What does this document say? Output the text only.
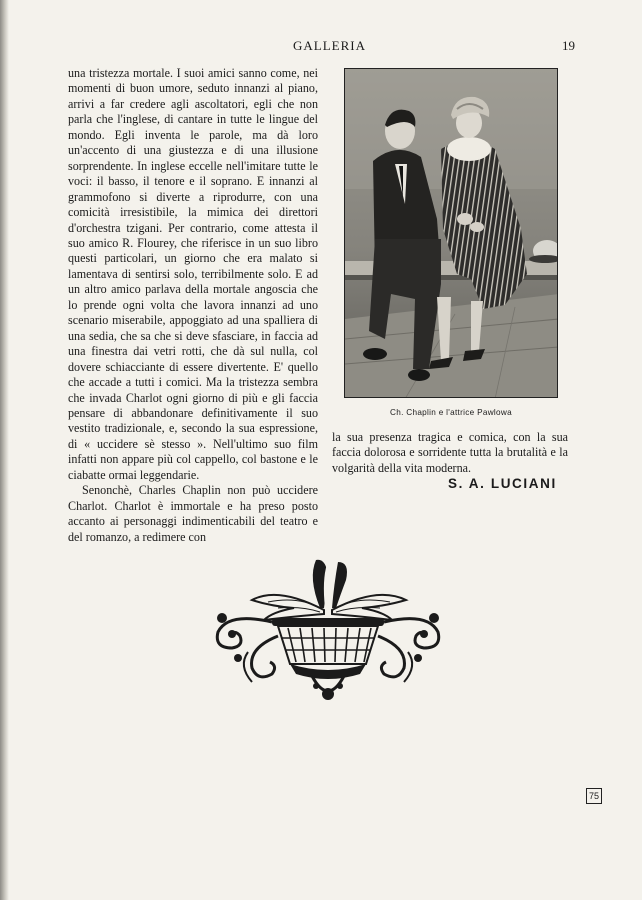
GALLERIA	19

una tristezza mortale. I suoi amici sanno come, nei momenti di buon umore, seduto innanzi al piano, arrivi a far credere agli ascoltatori, egli che non parla che l'inglese, di cantare in tutte le lingue del mondo. Egli inventa le parole, ma dà loro un'accento di una giustezza e di una illusione sorprendente. In inglese eccelle nell'imitare tutte le voci: il basso, il tenore e il soprano. E innanzi al grammofono si diverte a riprodurre, con una comicità irresistibile, la mimica dei direttori d'orchestra tzigani. Per contrario, come attesta il suo amico R. Flourey, che riferisce in un suo libro questi particolari, un giorno che era malato si lamentava di sentirsi solo, terribilmente solo. E ad un altro amico parlava della mortale angoscia che lo prende ogni volta che lavora innanzi ad uno scenario miserabile, appoggiato ad una spalliera di una sedia, che sa che si deve sfasciare, in faccia ad una finestra dai vetri rotti, che dà sul nulla, col dovere schiacciante di essere divertente. E' quello che accade a tutti i comici. Ma la tristezza sembra che invada Charlot ogni giorno di più e gli faccia pensare di abbandonare definitivamente il suo vestito tradizionale, e, secondo la sua espressione, di « uccidere sè stesso ». Nell'ultimo suo film infatti non appare più col cappello, col bastone e le ciabatte ormai leggendarie.

Senonchè, Charles Chaplin non può uccidere Charlot. Charlot è immortale e ha preso posto accanto ai personaggi indimenticabili del teatro e del romanzo, a redimere con

Ch. Chaplin e l'attrice Pawlowa

la sua presenza tragica e comica, con la sua faccia dolorosa e sorridente tutta la brutalità e la volgarità della vita moderna.

S. A. LUCIANI
75
